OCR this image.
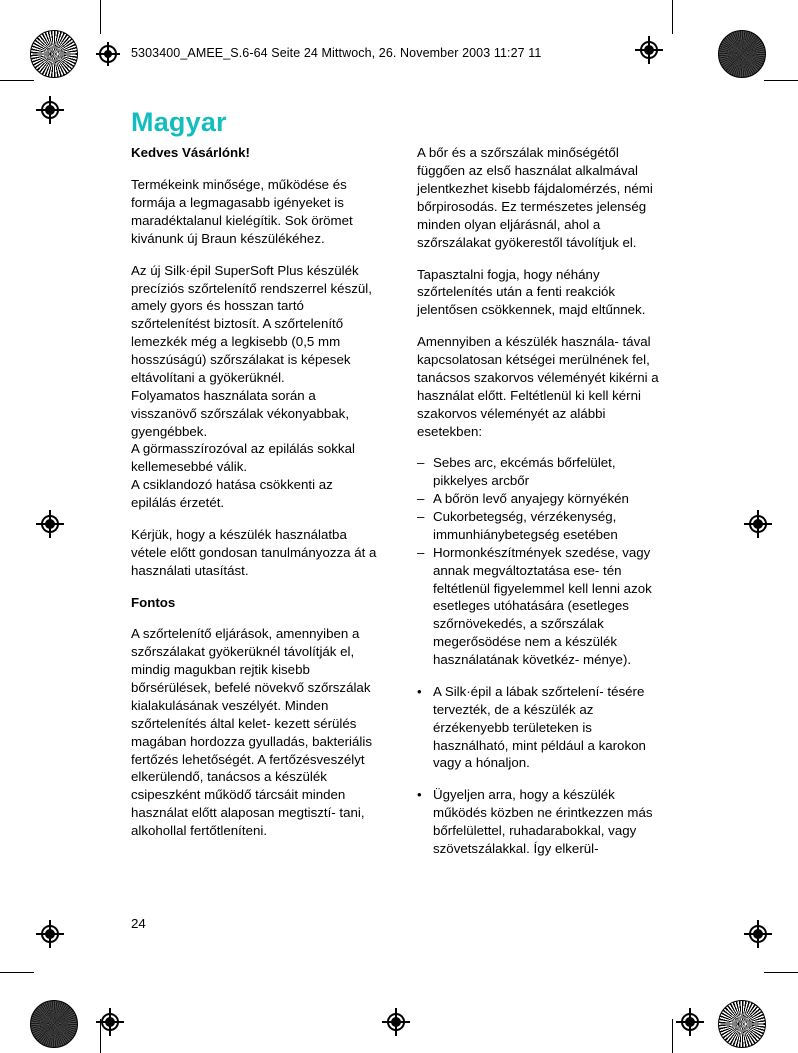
5303400_AMEE_S.6-64 Seite 24 Mittwoch, 26. November 2003 11:27 11
Magyar

Kedves Vásárlónk!

Termékeink minősége, működése és formája a legmagasabb igényeket is maradéktalanul kielégítik. Sok örömet kivánunk új Braun készülékéhez.

Az új Silk·épil SuperSoft Plus készülék precíziós szőrtelenítő rendszerrel készül, amely gyors és hosszan tartó szőrtelenítést biztosít. A szőrtelenítő lemezkék még a legkisebb (0,5 mm hosszúságú) szőrszálakat is képesek eltávolítani a gyökerüknél.

Folyamatos használata során a visszanövő szőrszálak vékonyabbak, gyengébbek.

A görmasszírozóval az epilálás sokkal kellemesebbé válik.

A csiklandozó hatása csökkenti az epilálás érzetét.

Kérjük, hogy a készülék használatba vétele előtt gondosan tanulmányozza át a használati utasítást.

Fontos

A szőrtelenítő eljárások, amennyiben a szőrszálakat gyökerüknél távolítják el, mindig magukban rejtik kisebb bőrsérülések, befelé növekvő szőrszálak kialakulásának veszélyét. Minden szőrtelenítés által kelet- kezett sérülés magában hordozza gyulladás, bakteriális fertőzés lehetőségét. A fertőzésveszélyt elkerülendő, tanácsos a készülék csipeszként működő tárcsáit minden használat előtt alaposan megtisztí- tani, alkohollal fertőtleníteni.

A bőr és a szőrszálak minőségétől függően az első használat alkalmával jelentkezhet kisebb fájdalomérzés, némi bőrpirosodás. Ez természetes jelenség minden olyan eljárásnál, ahol a szőrszálakat gyökerestől távolítjuk el.

Tapasztalni fogja, hogy néhány szőrtelenítés után a fenti reakciók jelentősen csökkennek, majd eltűnnek.

Amennyiben a készülék használa- tával kapcsolatosan kétségei merülnének fel, tanácsos szakorvos véleményét kikérni a használat előtt. Feltétlenül ki kell kérni szakorvos véleményét az alábbi esetekben:

– Sebes arc, ekcémás bőrfelület, pikkelyes arcbőr
– A bőrön levő anyajegy környékén
– Cukorbetegség, vérzékenység, immunhiánybetegség esetében
– Hormonkészítmények szedése, vagy annak megváltoztatása ese- tén feltétlenül figyelemmel kell lenni azok esetleges utóhatására (esetleges szőrnövekedés, a szőrszálak megerősödése nem a készülék használatának követkéz- ménye).
• A Silk·épil a lábak szőrtelení- tésére tervezték, de a készülék az érzékenyebb területeken is használható, mint például a karokon vagy a hónaljon.
• Ügyeljen arra, hogy a készülék működés közben ne érintkezzen más bőrfelülettel, ruhadarabokkal, vagy szövetszálakkal. Így elkerül-
24
